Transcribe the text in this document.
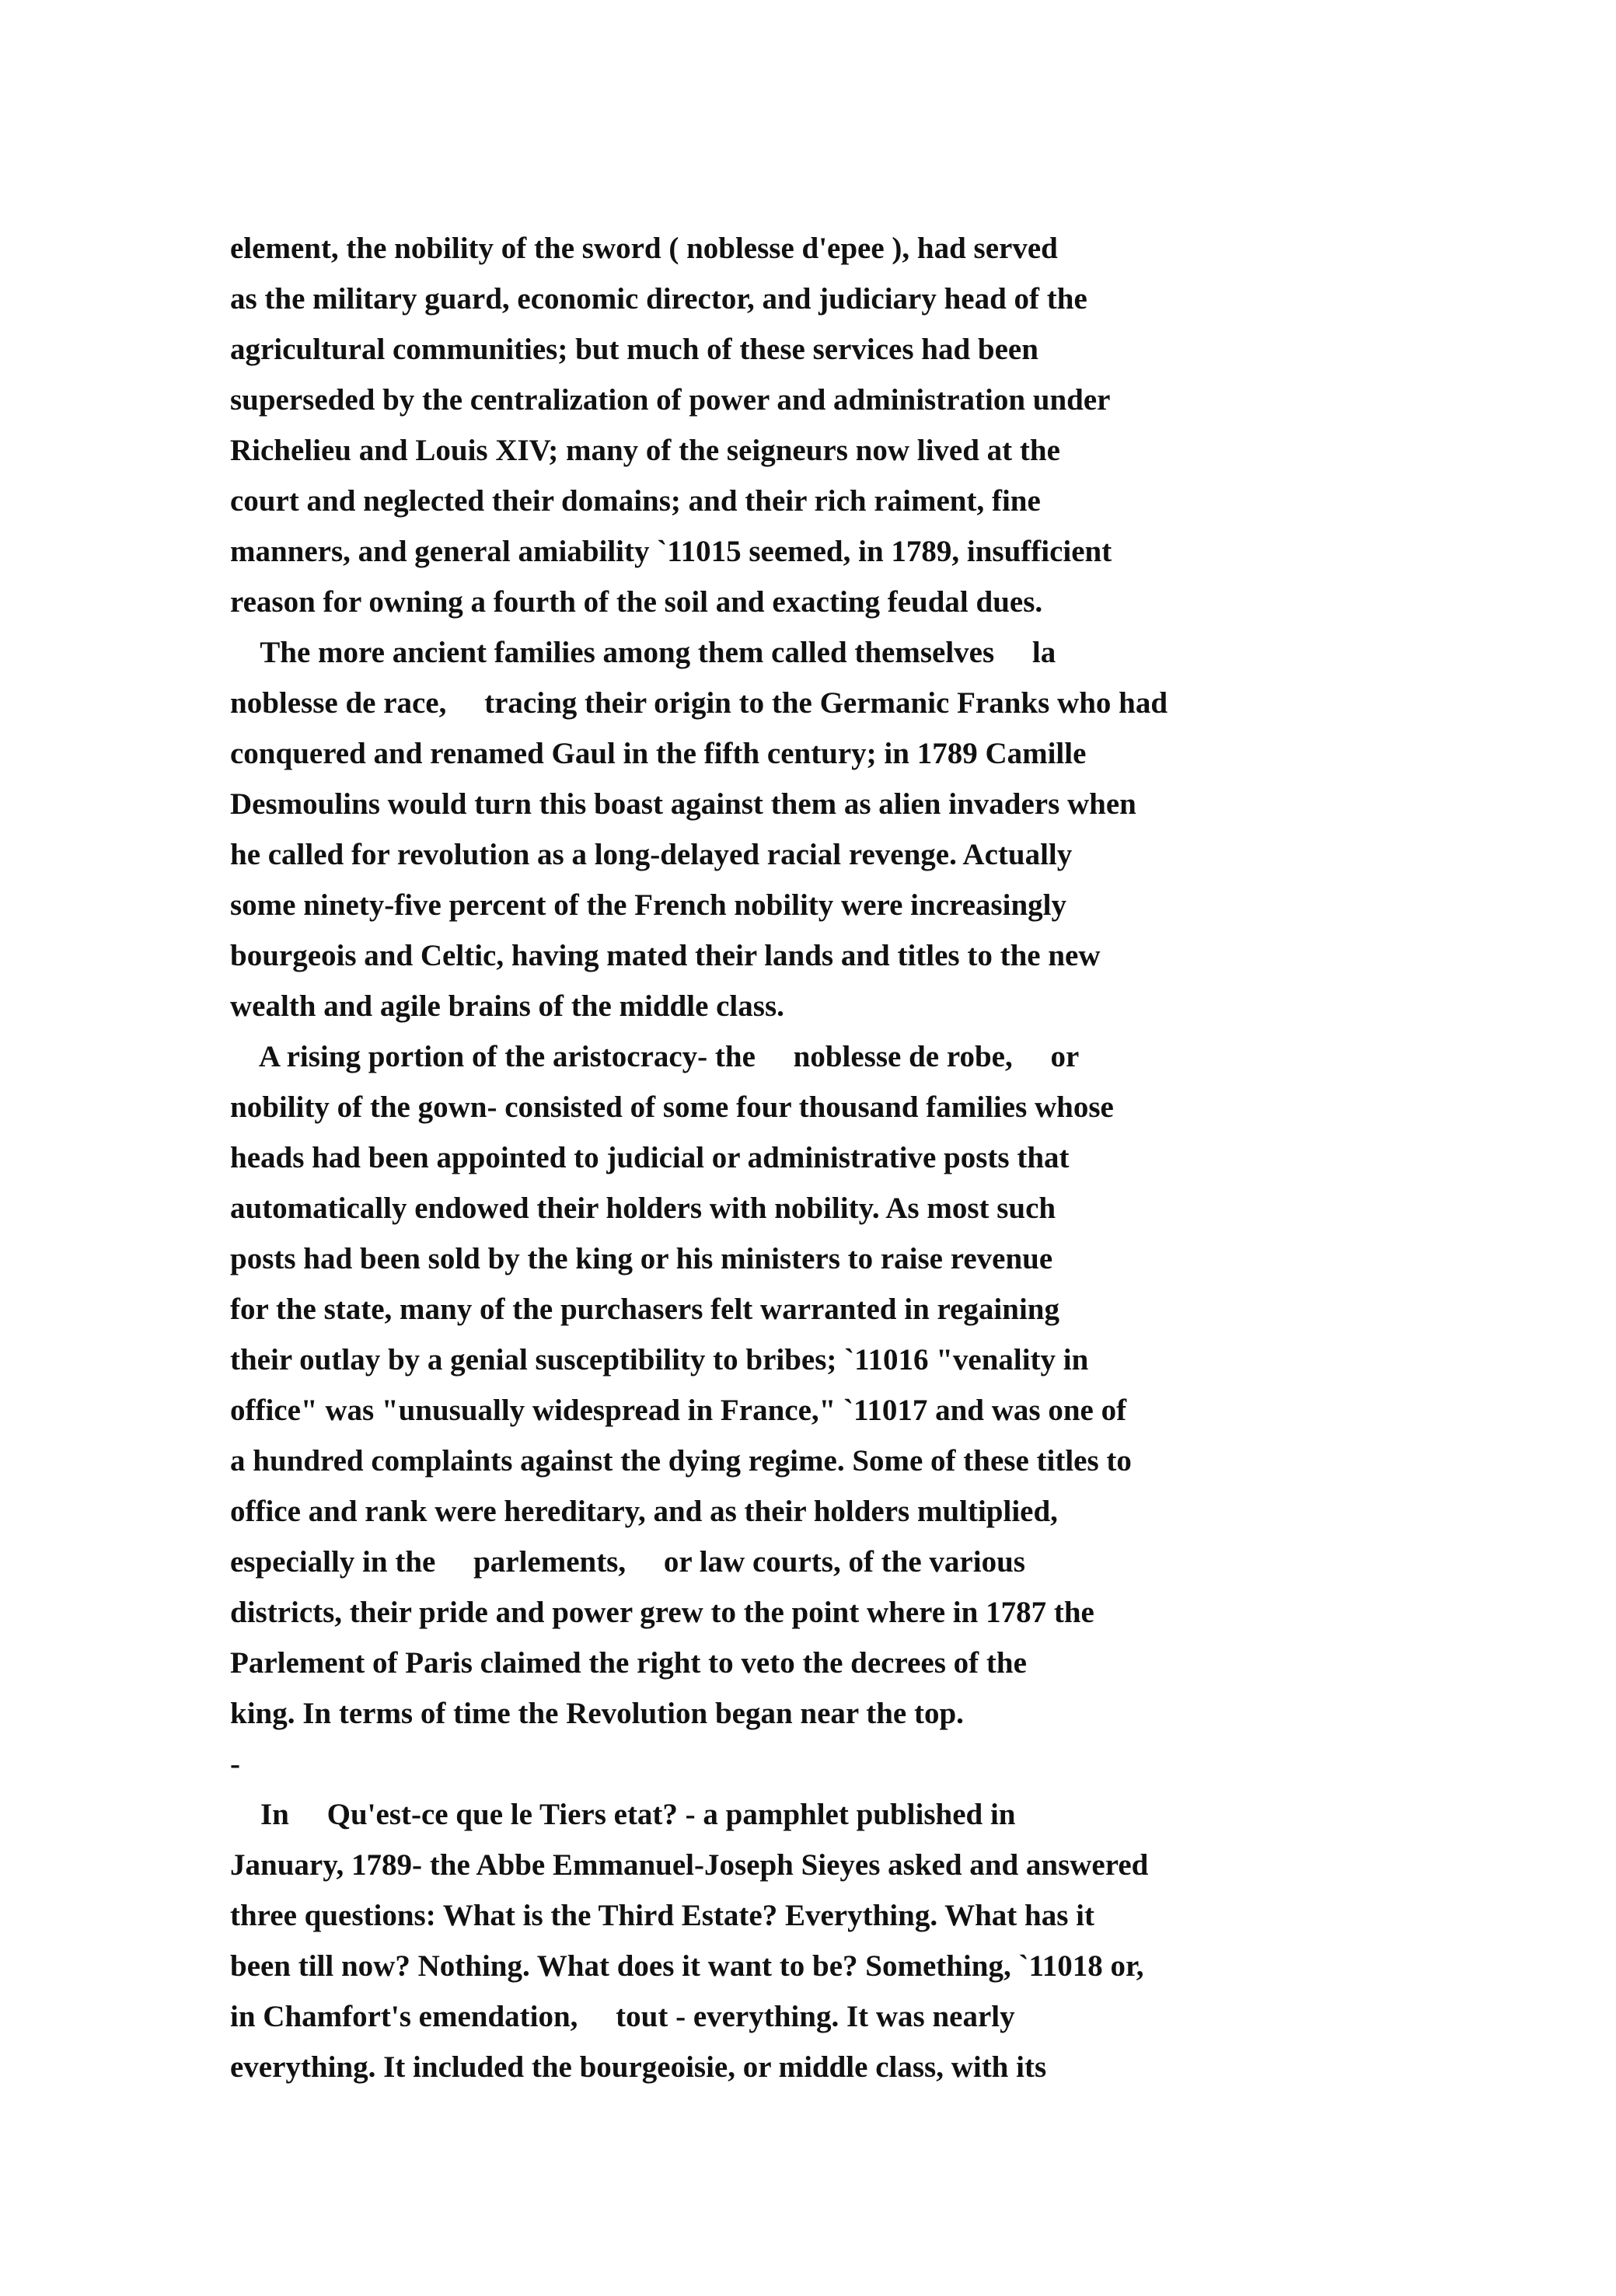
element, the nobility of the sword ( noblesse d'epee ), had served
as the military guard, economic director, and judiciary head of the
agricultural communities; but much of these services had been
superseded by the centralization of power and administration under
Richelieu and Louis XIV; many of the seigneurs now lived at the
court and neglected their domains; and their rich raiment, fine
manners, and general amiability `11015 seemed, in 1789, insufficient
reason for owning a fourth of the soil and exacting feudal dues.
The more ancient families among them called themselves     la
noblesse de race,     tracing their origin to the Germanic Franks who had
conquered and renamed Gaul in the fifth century; in 1789 Camille
Desmoulins would turn this boast against them as alien invaders when
he called for revolution as a long-delayed racial revenge. Actually
some ninety-five percent of the French nobility were increasingly
bourgeois and Celtic, having mated their lands and titles to the new
wealth and agile brains of the middle class.
A rising portion of the aristocracy- the     noblesse de robe,     or
nobility of the gown- consisted of some four thousand families whose
heads had been appointed to judicial or administrative posts that
automatically endowed their holders with nobility. As most such
posts had been sold by the king or his ministers to raise revenue
for the state, many of the purchasers felt warranted in regaining
their outlay by a genial susceptibility to bribes; `11016 "venality in
office" was "unusually widespread in France," `11017 and was one of
a hundred complaints against the dying regime. Some of these titles to
office and rank were hereditary, and as their holders multiplied,
especially in the     parlements,     or law courts, of the various
districts, their pride and power grew to the point where in 1787 the
Parlement of Paris claimed the right to veto the decrees of the
king. In terms of time the Revolution began near the top.
-
In     Qu'est-ce que le Tiers etat? - a pamphlet published in
January, 1789- the Abbe Emmanuel-Joseph Sieyes asked and answered
three questions: What is the Third Estate? Everything. What has it
been till now? Nothing. What does it want to be? Something, `11018 or,
in Chamfort's emendation,     tout - everything. It was nearly
everything. It included the bourgeoisie, or middle class, with its
